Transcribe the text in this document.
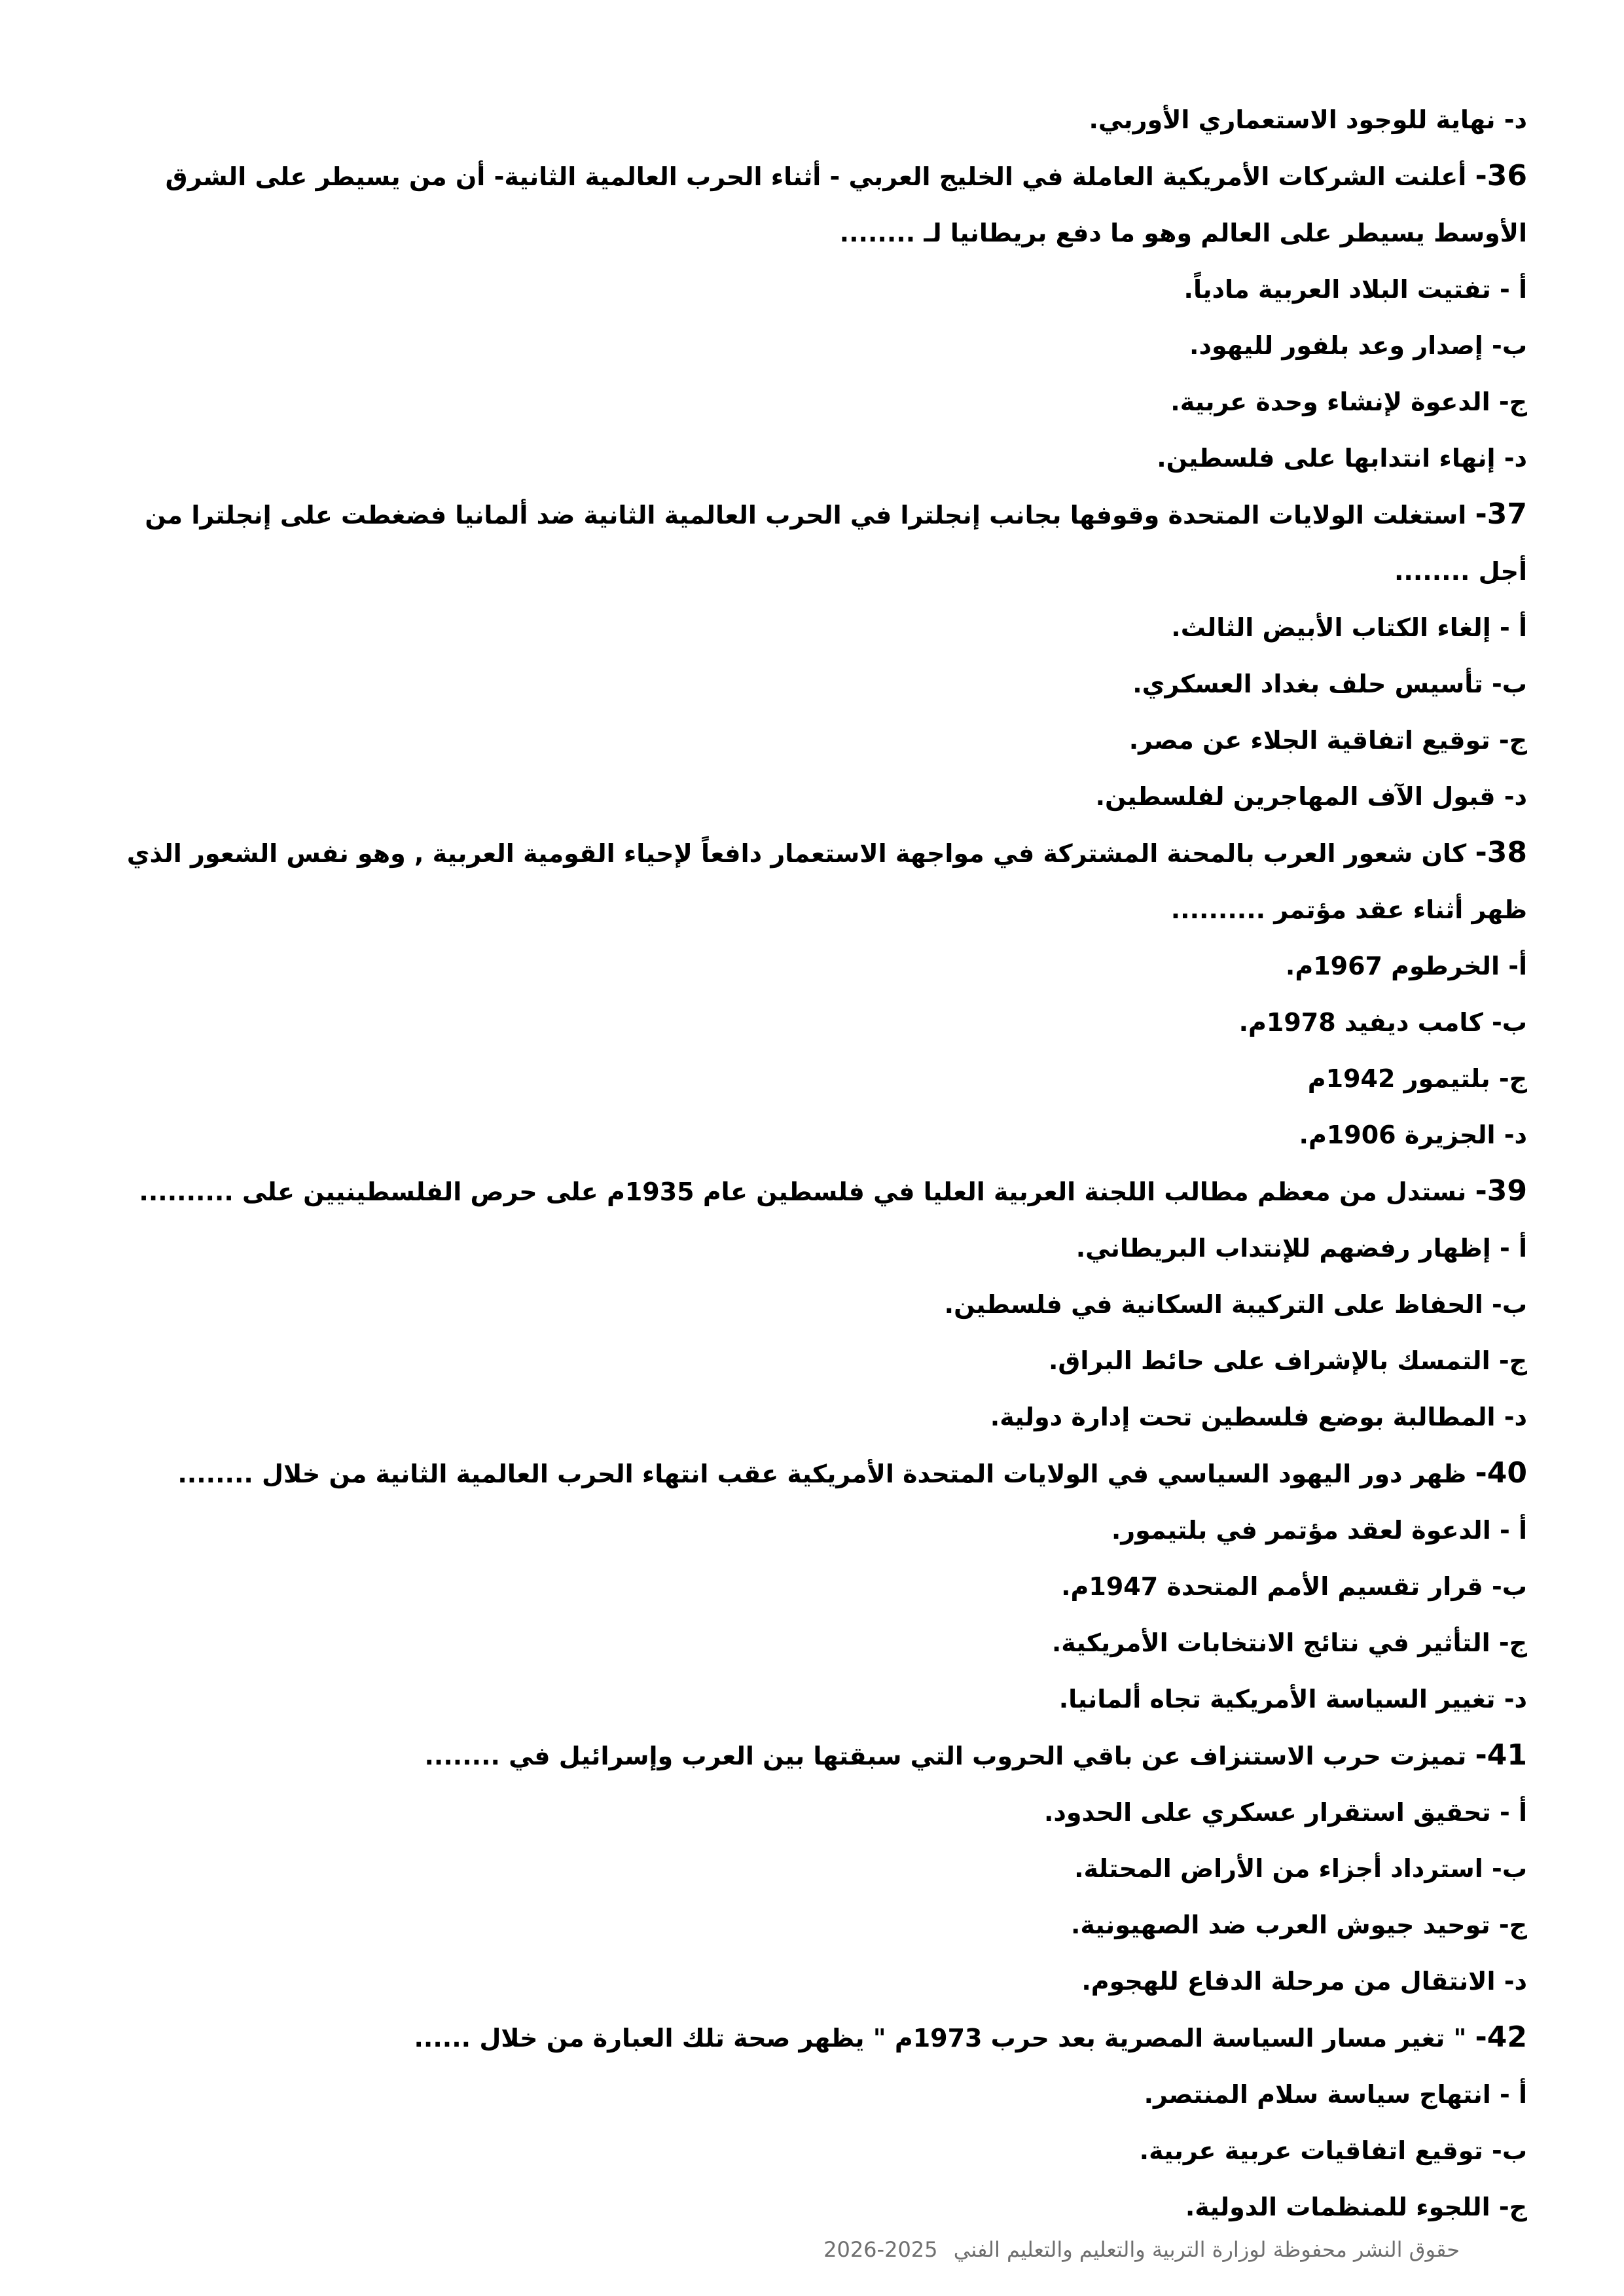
د- نهاية للوجود الاستعماري الأوربي.
36- أعلنت الشركات الأمريكية العاملة في الخليج العربي - أثناء الحرب العالمية الثانية- أن من يسيطر على الشرق الأوسط يسيطر على العالم وهو ما دفع بريطانيا لـ ........
أ - تفتيت البلاد العربية مادياً.
ب- إصدار وعد بلفور لليهود.
ج- الدعوة لإنشاء وحدة عربية.
د- إنهاء انتدابها على فلسطين.
37- استغلت الولايات المتحدة وقوفها بجانب إنجلترا في الحرب العالمية الثانية ضد ألمانيا فضغطت على إنجلترا من أجل ........
أ - إلغاء الكتاب الأبيض الثالث.
ب- تأسيس حلف بغداد العسكري.
ج- توقيع اتفاقية الجلاء عن مصر.
د- قبول الآف المهاجرين لفلسطين.
38- كان شعور العرب بالمحنة المشتركة في مواجهة الاستعمار دافعاً لإحياء القومية العربية , وهو نفس الشعور الذي ظهر أثناء عقد مؤتمر ..........
أ- الخرطوم 1967م.
ب- كامب ديفيد 1978م.
ج- بلتيمور 1942م
د- الجزيرة 1906م.
39- نستدل من معظم مطالب اللجنة العربية العليا في فلسطين عام 1935م على حرص الفلسطينيين على ..........
أ - إظهار رفضهم للإنتداب البريطاني.
ب- الحفاظ على التركيبة السكانية في فلسطين.
ج- التمسك بالإشراف على حائط البراق.
د- المطالبة بوضع فلسطين تحت إدارة دولية.
40- ظهر دور اليهود السياسي في الولايات المتحدة الأمريكية عقب انتهاء الحرب العالمية الثانية من خلال ........
أ - الدعوة لعقد مؤتمر في بلتيمور.
ب- قرار تقسيم الأمم المتحدة 1947م.
ج- التأثير في نتائج الانتخابات الأمريكية.
د- تغيير السياسة الأمريكية تجاه ألمانيا.
41- تميزت حرب الاستنزاف عن باقي الحروب التي سبقتها بين العرب وإسرائيل في ........
أ - تحقيق استقرار عسكري على الحدود.
ب- استرداد أجزاء من الأراض المحتلة.
ج- توحيد جيوش العرب ضد الصهيونية.
د- الانتقال من مرحلة الدفاع للهجوم.
42- " تغير مسار السياسة المصرية بعد حرب 1973م " يظهر صحة تلك العبارة من خلال ......
أ - انتهاج سياسة سلام المنتصر.
ب- توقيع اتفاقيات عربية عربية.
ج- اللجوء للمنظمات الدولية.
حقوق النشر محفوظة لوزارة التربية والتعليم والتعليم الفني 2025-2026
